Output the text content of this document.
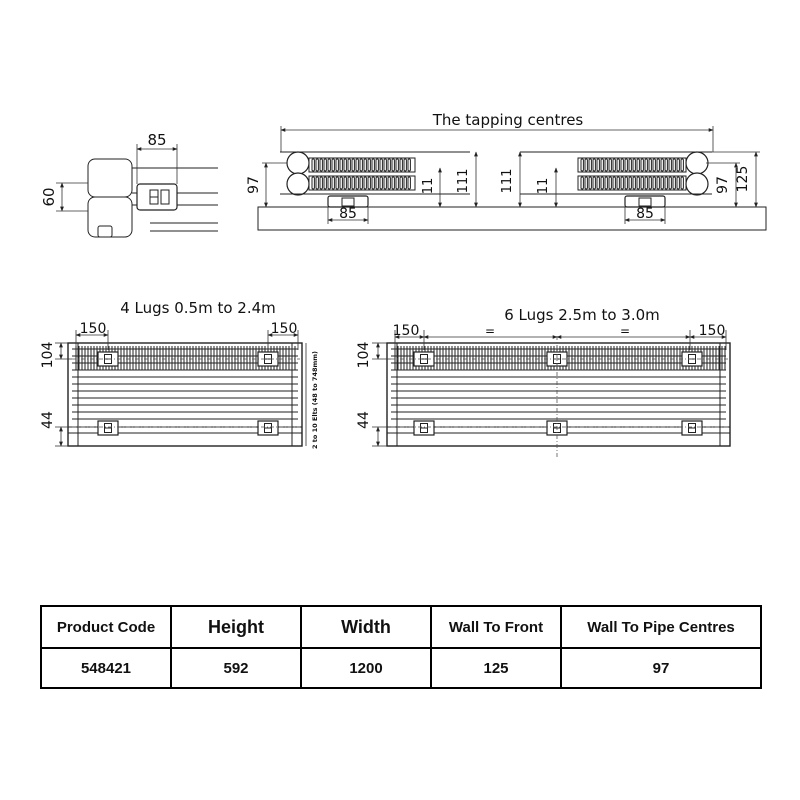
85
60
The tapping centres
97	11 111 111 11	97 125
85	85
4 Lugs 0.5m to 2.4m
150	150
104
44	2 to 10 Elts (48 to 748mm)
6 Lugs 2.5m to 3.0m
150	=	=	150
104
44
Product Code	Height	Width	Wall To Front	Wall To Pipe Centres
548421	592	1200	125	97
